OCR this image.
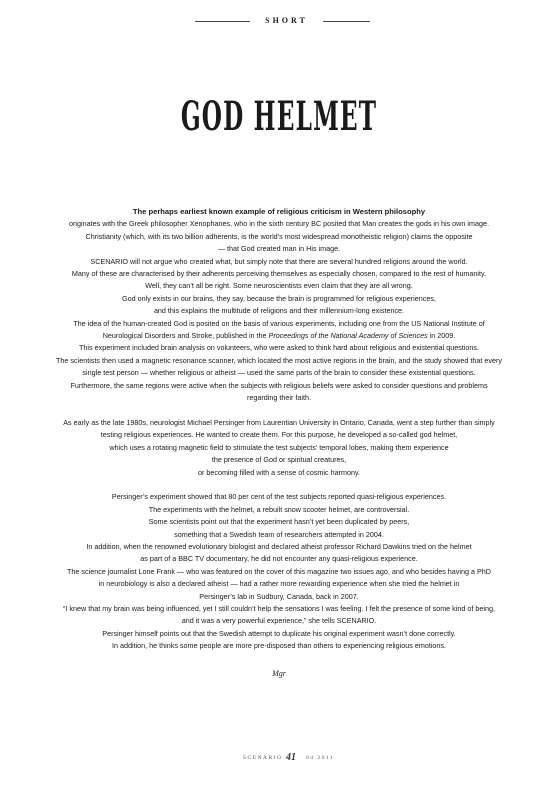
SHORT
GOD HELMET
The perhaps earliest known example of religious criticism in Western philosophy
originates with the Greek philosopher Xenophanes, who in the sixth century BC posited that Man creates the gods in his own image.
Christianity (which, with its two billion adherents, is the world’s most widespread monotheistic religion) claims the opposite
— that God created man in His image.
SCENARIO will not argue who created what, but simply note that there are several hundred religions around the world.
Many of these are characterised by their adherents perceiving themselves as especially chosen, compared to the rest of humanity.
Well, they can’t all be right. Some neuroscientists even claim that they are all wrong.
God only exists in our brains, they say, because the brain is programmed for religious experiences,
and this explains the multitude of religions and their millennium-long existence.
The idea of the human-created God is posited on the basis of various experiments, including one from the US National Institute of
Neurological Disorders and Stroke, published in the Proceedings of the National Academy of Sciences in 2009.
This experiment included brain analysis on volunteers, who were asked to think hard about religious and existential questions.
The scientists then used a magnetic resonance scanner, which located the most active regions in the brain, and the study showed that every
single test person — whether religious or atheist — used the same parts of the brain to consider these existential questions.
Furthermore, the same regions were active when the subjects with religious beliefs were asked to consider questions and problems
regarding their faith.
As early as the late 1980s, neurologist Michael Persinger from Laurentian University in Ontario, Canada, went a step further than simply
testing religious experiences. He wanted to create them. For this purpose, he developed a so-called god helmet,
which uses a rotating magnetic field to stimulate the test subjects’ temporal lobes, making them experience
the presence of God or spiritual creatures,
or becoming filled with a sense of cosmic harmony.
Persinger’s experiment showed that 80 per cent of the test subjects reported quasi-religious experiences.
The experiments with the helmet, a rebuilt snow scooter helmet, are controversial.
Some scientists point out that the experiment hasn’t yet been duplicated by peers,
something that a Swedish team of researchers attempted in 2004.
In addition, when the renowned evolutionary biologist and declared atheist professor Richard Dawkins tried on the helmet
as part of a BBC TV documentary, he did not encounter any quasi-religious experience.
The science journalist Lone Frank — who was featured on the cover of this magazine two issues ago, and who besides having a PhD
in neurobiology is also a declared atheist — had a rather more rewarding experience when she tried the helmet in
Persinger’s lab in Sudbury, Canada, back in 2007.
“I knew that my brain was being influenced, yet I still couldn’t help the sensations I was feeling. I felt the presence of some kind of being,
and it was a very powerful experience,” she tells SCENARIO.
Persinger himself points out that the Swedish attempt to duplicate his original experiment wasn’t done correctly.
In addition, he thinks some people are more pre-disposed than others to experiencing religious emotions.
Mgr
SCENARIO 41 04 2011
